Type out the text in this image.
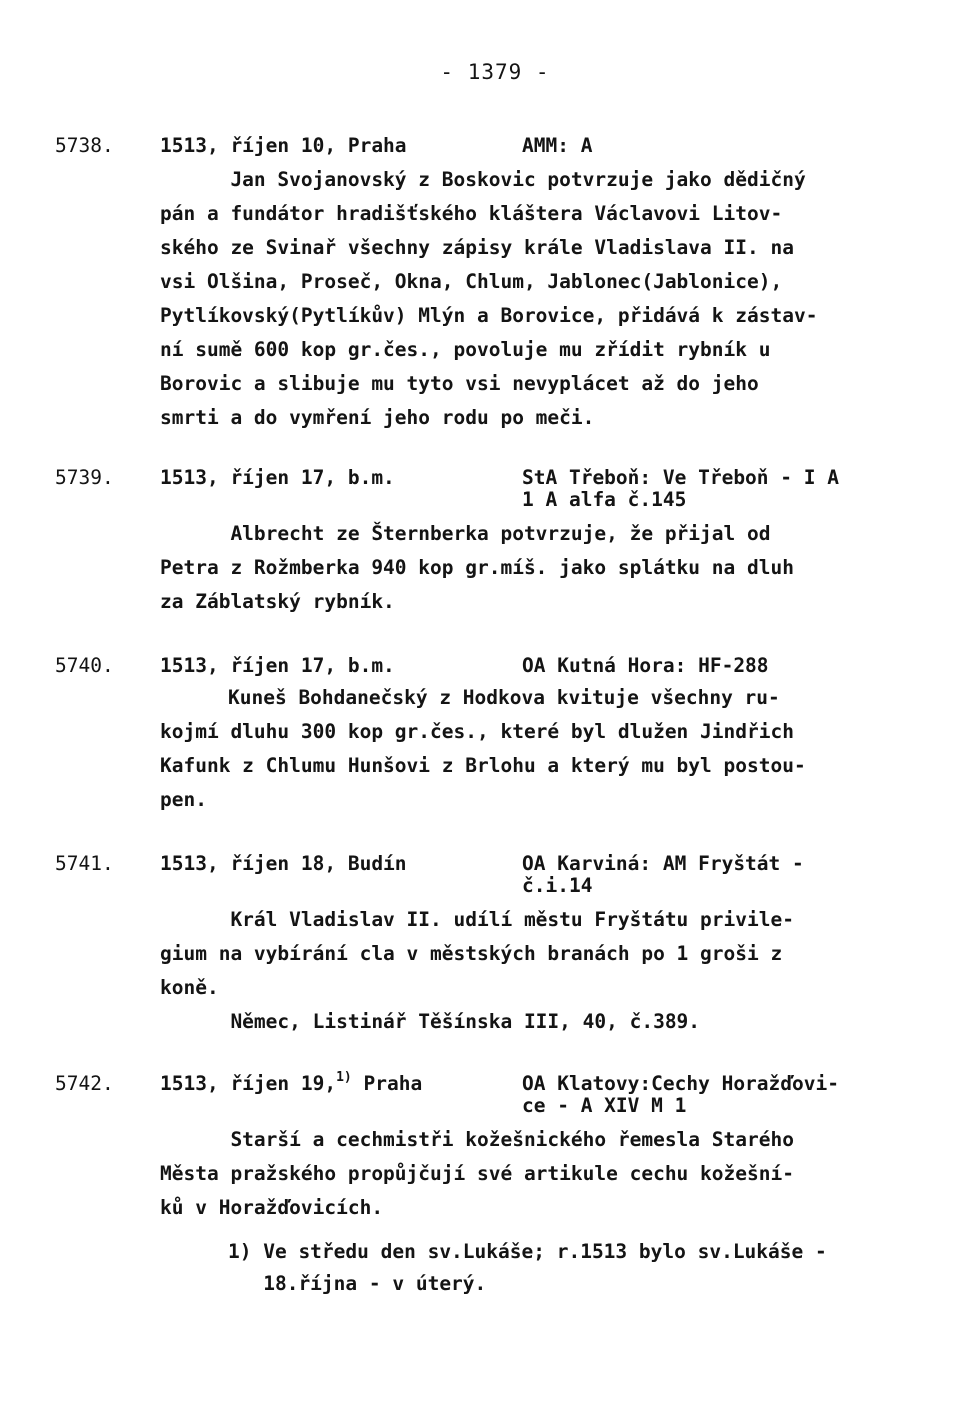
- 1379 -
5738. 1513, říjen 10, Praha	AMM: A
Jan Svojanovský z Boskovic potvrzuje jako dědičný
pán a fundátor hradišťského kláštera Václavovi Litov-
ského ze Svinař všechny zápisy krále Vladislava II. na
vsi Olšina, Proseč, Okna, Chlum, Jablonec(Jablonice),
Pytlíkovský(Pytlíkův) Mlýn a Borovice, přidává k zástav-
ní sumě 600 kop gr.čes., povoluje mu zřídit rybník u
Borovic a slibuje mu tyto vsi nevyplácet až do jeho
smrti a do vymření jeho rodu po meči.
5739. 1513, říjen 17, b.m.	StA Třeboň: Ve Třeboň - I A
1 A alfa č.145
Albrecht ze Šternberka potvrzuje, že přijal od
Petra z Rožmberka 940 kop gr.míš. jako splátku na dluh
za Záblatský rybník.
5740. 1513, říjen 17, b.m.	OA Kutná Hora: HF-288
Kuneš Bohdanečský z Hodkova kvituje všechny ru-
kojmí dluhu 300 kop gr.čes., které byl dlužen Jindřich
Kafunk z Chlumu Hunšovi z Brlohu a který mu byl postou-
pen.
5741. 1513, říjen 18, Budín	OA Karviná: AM Fryštát -
č.i.14
Král Vladislav II. udílí městu Fryštátu privile-
gium na vybírání cla v městských branách po 1 groši z
koně.
Němec, Listinář Těšínska III, 40, č.389.
5742. 1513, říjen 19,$^{1)}$ Praha	OA Klatovy:Cechy Horažďovi-
ce - A XIV M 1
Starší a cechmistři kožešnického řemesla Starého
Města pražského propůjčují své artikule cechu kožešní-
ků v Horažďovicích.
1) Ve středu den sv.Lukáše; r.1513 bylo sv.Lukáše -
18.října - v úterý.
